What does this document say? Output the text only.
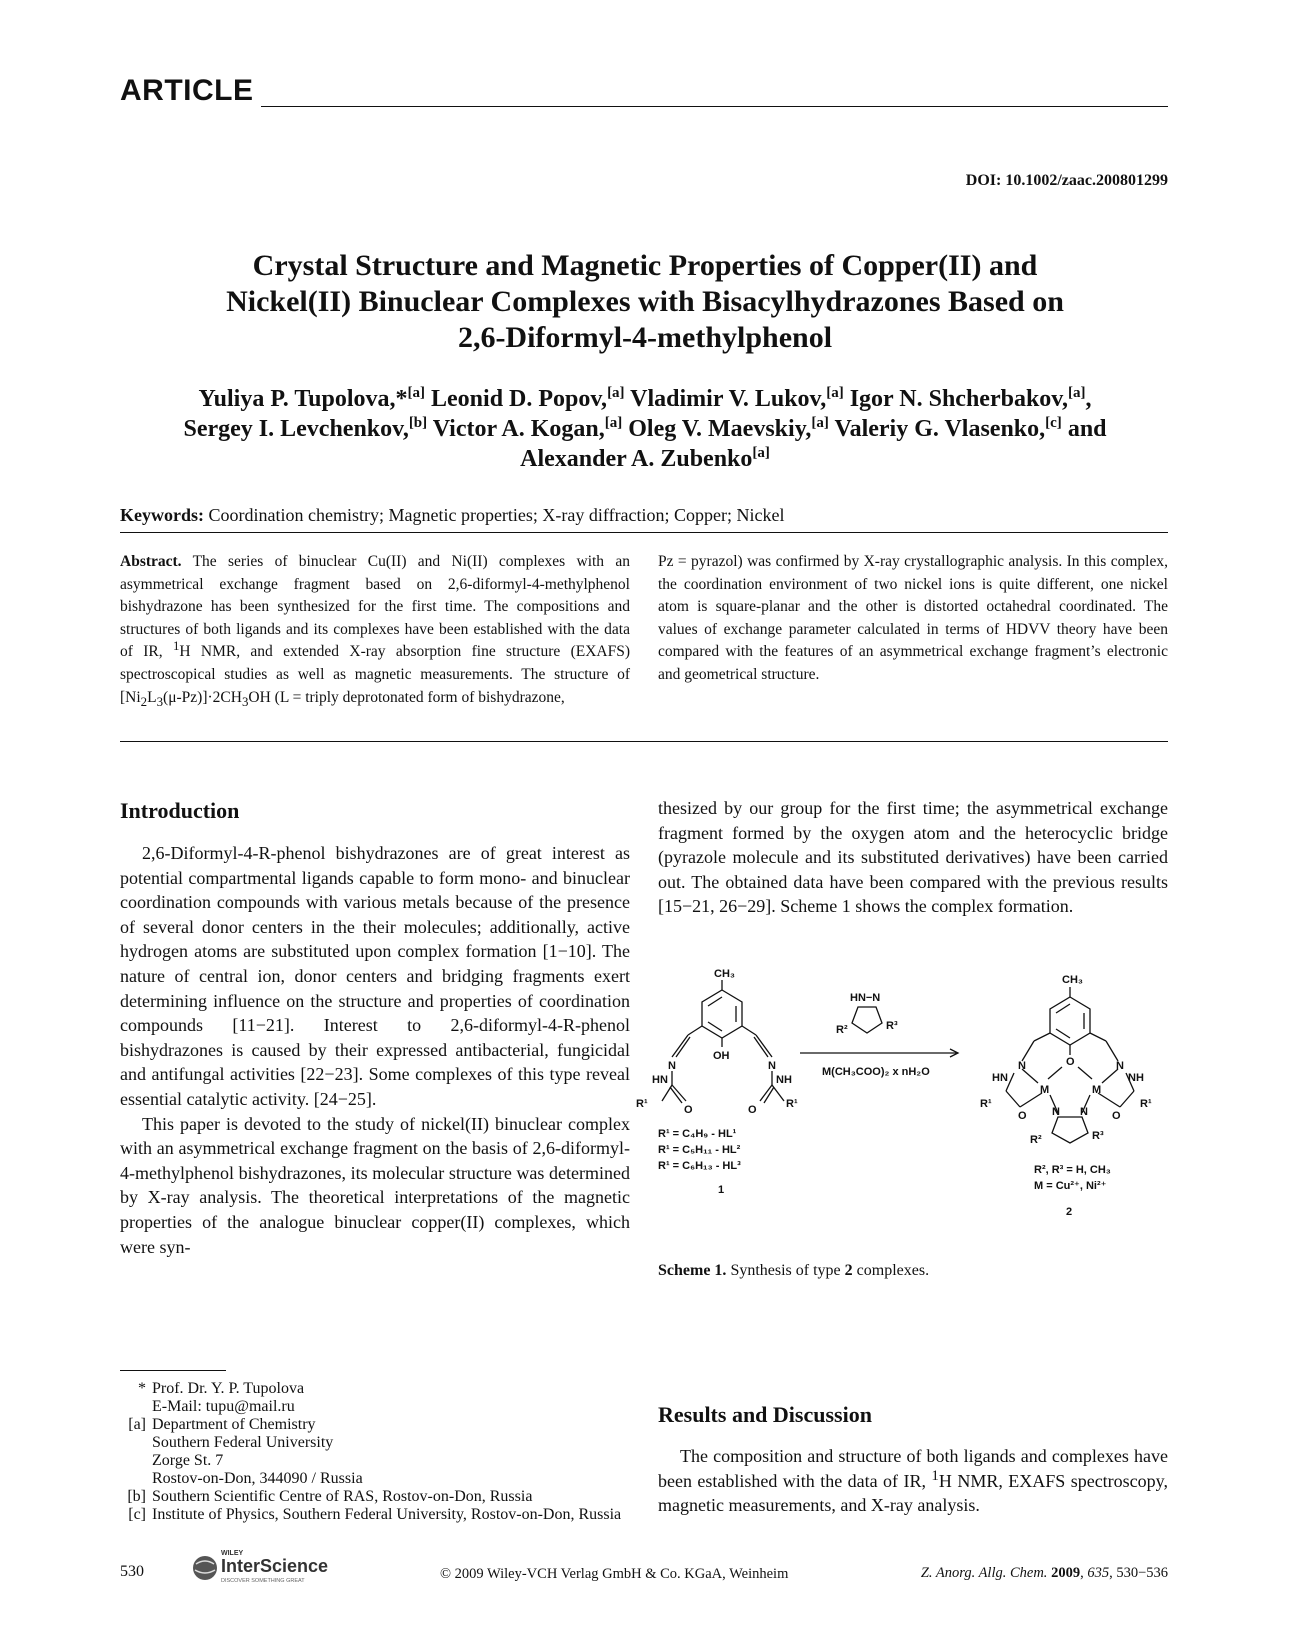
ARTICLE
DOI: 10.1002/zaac.200801299
Crystal Structure and Magnetic Properties of Copper(II) and
Nickel(II) Binuclear Complexes with Bisacylhydrazones Based on
2,6-Diformyl-4-methylphenol
Yuliya P. Tupolova,*[a] Leonid D. Popov,[a] Vladimir V. Lukov,[a] Igor N. Shcherbakov,[a],
Sergey I. Levchenkov,[b] Victor A. Kogan,[a] Oleg V. Maevskiy,[a] Valeriy G. Vlasenko,[c] and
Alexander A. Zubenko[a]
Keywords: Coordination chemistry; Magnetic properties; X-ray diffraction; Copper; Nickel
Abstract. The series of binuclear Cu(II) and Ni(II) complexes with an asymmetrical exchange fragment based on 2,6-diformyl-4-methylphenol bishydrazone has been synthesized for the first time. The compositions and structures of both ligands and its complexes have been established with the data of IR, $^1$H NMR, and extended X-ray absorption fine structure (EXAFS) spectroscopical studies as well as magnetic measurements. The structure of $[Ni_2L_3(\mu-Pz)]\cdot 2CH_3OH$ (L = triply deprotonated form of bishydrazone,
Pz = pyrazol) was confirmed by X-ray crystallographic analysis. In this complex, the coordination environment of two nickel ions is quite different, one nickel atom is square-planar and the other is distorted octahedral coordinated. The values of exchange parameter calculated in terms of HDVV theory have been compared with the features of an asymmetrical exchange fragment’s electronic and geometrical structure.
Introduction

2,6-Diformyl-4-R-phenol bishydrazones are of great interest as potential compartmental ligands capable to form mono- and binuclear coordination compounds with various metals because of the presence of several donor centers in the their molecules; additionally, active hydrogen atoms are substituted upon complex formation [1−10]. The nature of central ion, donor centers and bridging fragments exert determining influence on the structure and properties of coordination compounds [11−21]. Interest to 2,6-diformyl-4-R-phenol bishydrazones is caused by their expressed antibacterial, fungicidal and antifungal activities [22−23]. Some complexes of this type reveal essential catalytic activity. [24−25].

This paper is devoted to the study of nickel(II) binuclear complex with an asymmetrical exchange fragment on the basis of 2,6-diformyl-4-methylphenol bishydrazones, its molecular structure was determined by X-ray analysis. The theoretical interpretations of the magnetic properties of the analogue binuclear copper(II) complexes, which were syn-

thesized by our group for the first time; the asymmetrical exchange fragment formed by the oxygen atom and the heterocyclic bridge (pyrazole molecule and its substituted derivatives) have been carried out. The obtained data have been compared with the previous results [15−21, 26−29]. Scheme 1 shows the complex formation.

CH₃
OH
N	N
HN	NH
R¹	O	O	R¹
R¹ = C₄H₉ - HL¹
R¹ = C₅H₁₁ - HL²
R¹ = C₆H₁₃ - HL³
1
HN−N
R²	R³
M(CH₃COO)₂ x nH₂O
CH₃
N	N
O
HN	NH
M	M
R¹
O	O
R¹
N N
R²	R³
R², R³ = H, CH₃
M = Cu²⁺, Ni²⁺
2
Scheme 1. Synthesis of type 2 complexes.
* Prof. Dr. Y. P. Tupolova
E-Mail: tupu@mail.ru
[a] Department of Chemistry
Southern Federal University
Zorge St. 7
Rostov-on-Don, 344090 / Russia
[b] Southern Scientific Centre of RAS, Rostov-on-Don, Russia
[c] Institute of Physics, Southern Federal University, Rostov-on-Don, Russia
Results and Discussion

The composition and structure of both ligands and complexes have been established with the data of IR, $^1$H NMR, EXAFS spectroscopy, magnetic measurements, and X-ray analysis.

530
WILEY
InterScience
DISCOVER SOMETHING GREAT	© 2009 Wiley-VCH Verlag GmbH & Co. KGaA, Weinheim	Z. Anorg. Allg. Chem. 2009, 635, 530−536
